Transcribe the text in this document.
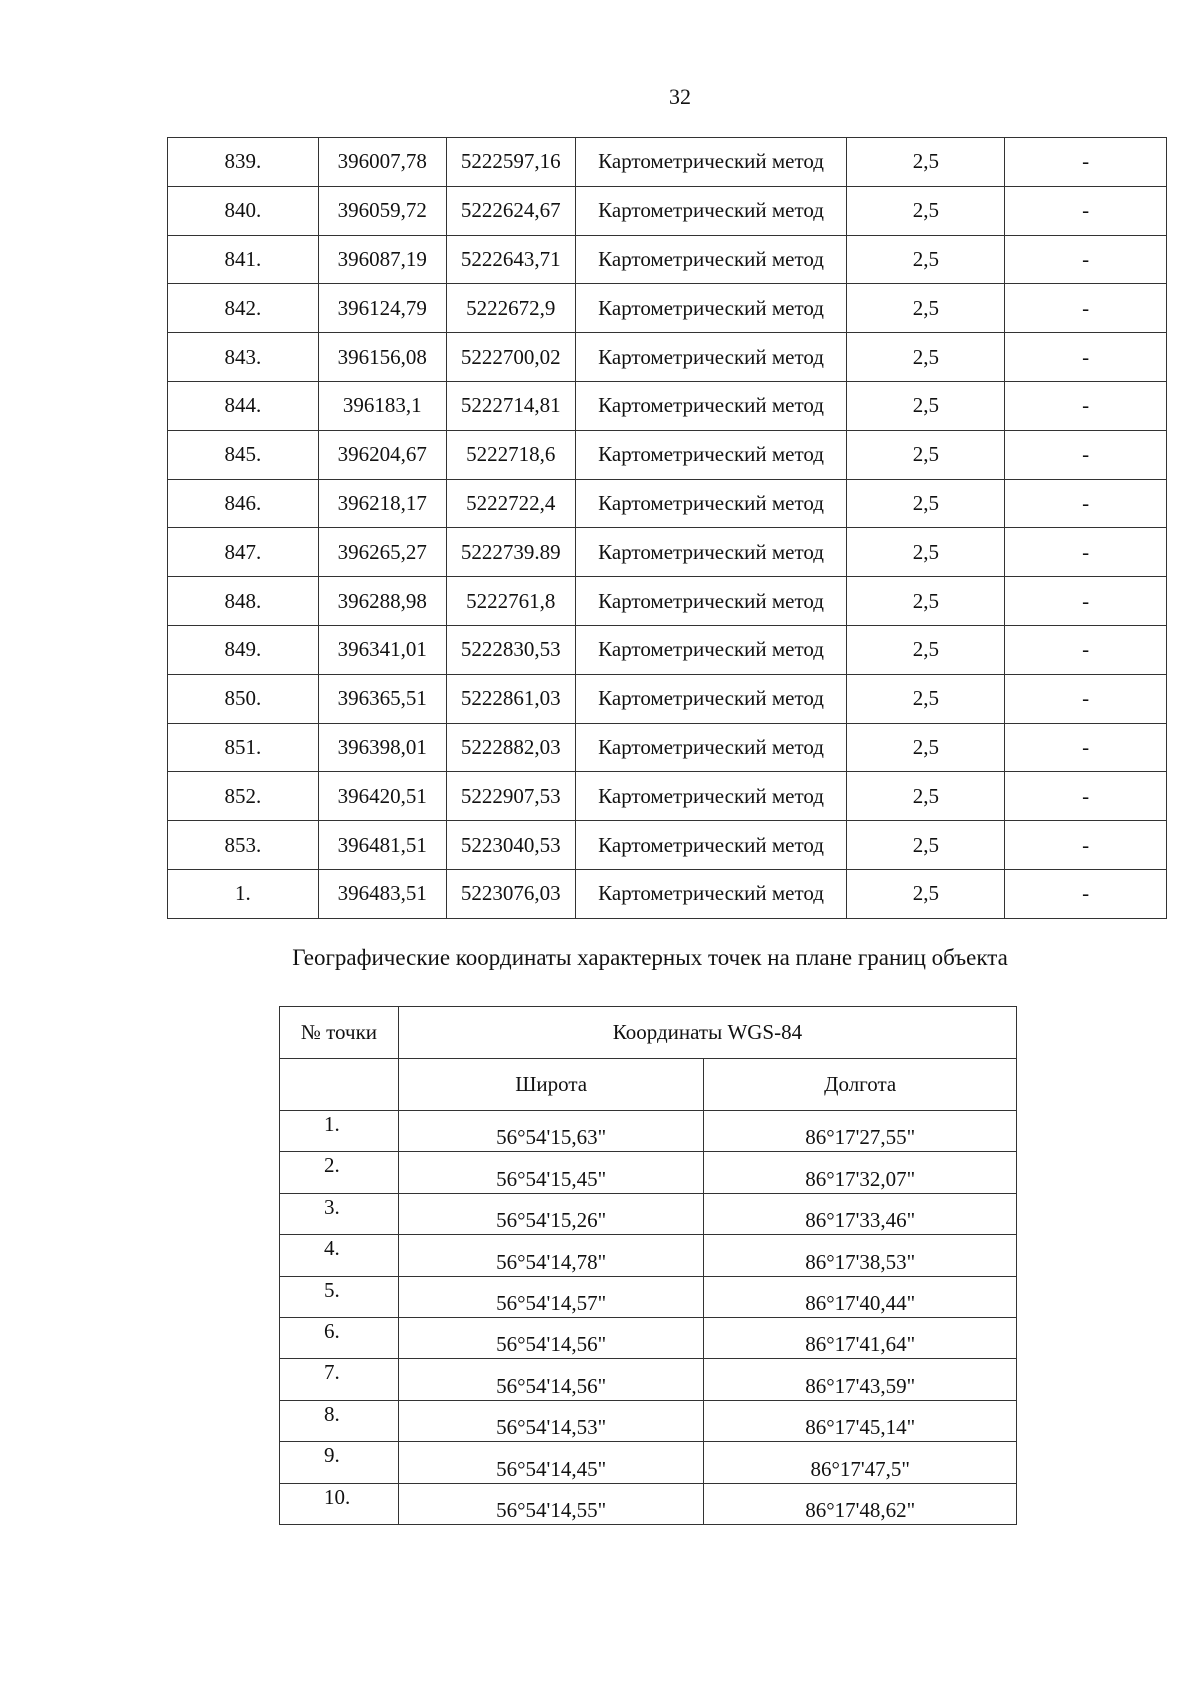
32
839.	396007,78	5222597,16	Картометрический метод	2,5	-
840.	396059,72	5222624,67	Картометрический метод	2,5	-
841.	396087,19	5222643,71	Картометрический метод	2,5	-
842.	396124,79	5222672,9	Картометрический метод	2,5	-
843.	396156,08	5222700,02	Картометрический метод	2,5	-
844.	396183,1	5222714,81	Картометрический метод	2,5	-
845.	396204,67	5222718,6	Картометрический метод	2,5	-
846.	396218,17	5222722,4	Картометрический метод	2,5	-
847.	396265,27	5222739.89	Картометрический метод	2,5	-
848.	396288,98	5222761,8	Картометрический метод	2,5	-
849.	396341,01	5222830,53	Картометрический метод	2,5	-
850.	396365,51	5222861,03	Картометрический метод	2,5	-
851.	396398,01	5222882,03	Картометрический метод	2,5	-
852.	396420,51	5222907,53	Картометрический метод	2,5	-
853.	396481,51	5223040,53	Картометрический метод	2,5	-
1.	396483,51	5223076,03	Картометрический метод	2,5	-
Географические координаты характерных точек на плане границ объекта
№ точки	Координаты WGS-84	
	Широта	Долгота
1.	56°54'15,63"	86°17'27,55"
2.	56°54'15,45"	86°17'32,07"
3.	56°54'15,26"	86°17'33,46"
4.	56°54'14,78"	86°17'38,53"
5.	56°54'14,57"	86°17'40,44"
6.	56°54'14,56"	86°17'41,64"
7.	56°54'14,56"	86°17'43,59"
8.	56°54'14,53"	86°17'45,14"
9.	56°54'14,45"	86°17'47,5"
10.	56°54'14,55"	86°17'48,62"
